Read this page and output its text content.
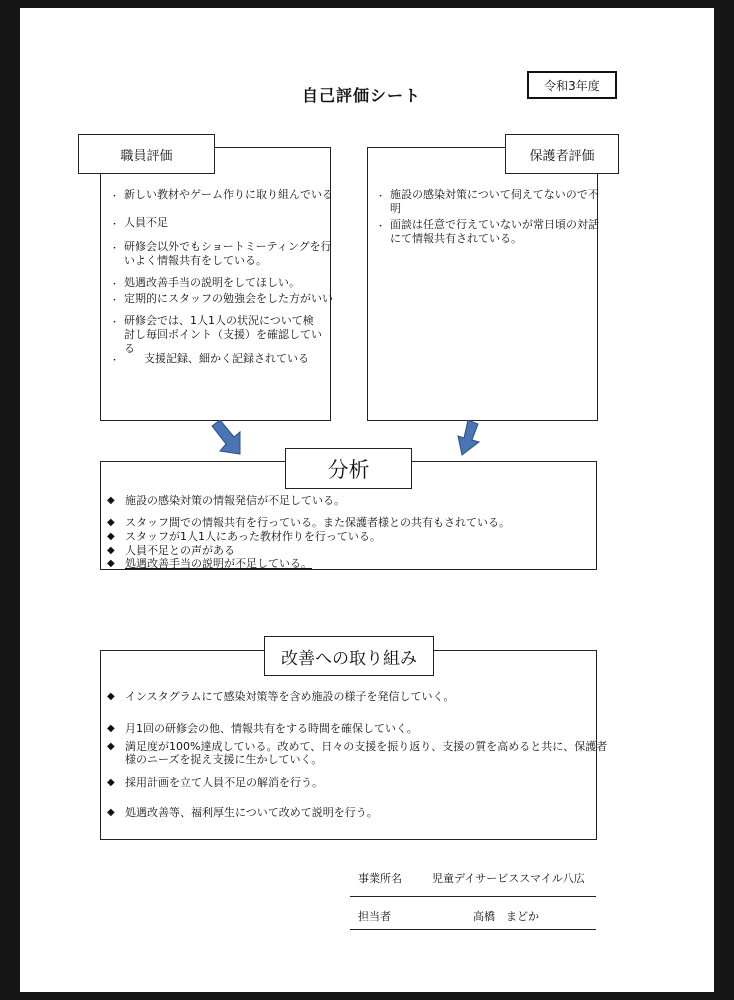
自己評価シート
令和3年度
職員評価
・ 新しい教材やゲーム作りに取り組んでいる
・ 人員不足
・ 研修会以外でもショートミーティングを行いよく情報共有をしている。
・ 処遇改善手当の説明をしてほしい。
・ 定期的にスタッフの勉強会をした方がいい
・ 研修会では、1人1人の状況について検討し毎回ポイント（支援）を確認している
・ 支援記録、細かく記録されている
保護者評価
・ 施設の感染対策について伺えてないので不明
・ 面談は任意で行えていないが常日頃の対話にて情報共有されている。
分析
◆ 施設の感染対策の情報発信が不足している。
◆ スタッフ間での情報共有を行っている。また保護者様との共有もされている。
◆ スタッフが1人1人にあった教材作りを行っている。
◆ 人員不足との声がある
◆ 処遇改善手当の説明が不足している。
改善への取り組み
◆ インスタグラムにて感染対策等を含め施設の様子を発信していく。
◆ 月1回の研修会の他、情報共有をする時間を確保していく。
◆ 満足度が100%達成している。改めて、日々の支援を振り返り、支援の質を高めると共に、保護者様のニーズを捉え支援に生かしていく。
◆ 採用計画を立て人員不足の解消を行う。
◆ 処遇改善等、福利厚生について改めて説明を行う。
事業所名	児童デイサービススマイル八広
担当者	高橋　まどか
